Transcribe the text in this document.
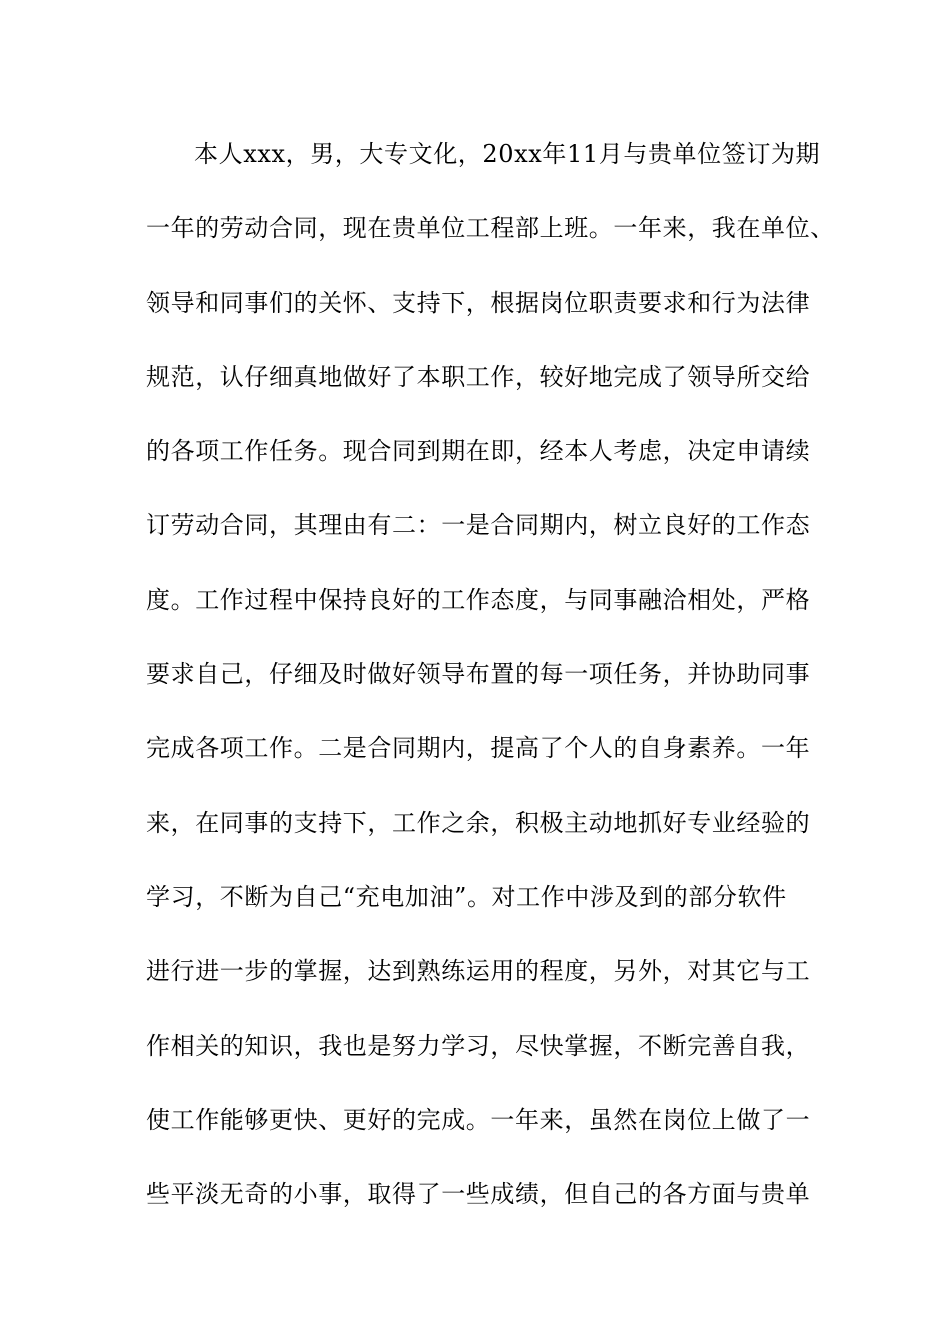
本人xxx，男，大专文化，20xx年11月与贵单位签订为期
一年的劳动合同，现在贵单位工程部上班。一年来，我在单位、
领导和同事们的关怀、支持下，根据岗位职责要求和行为法律
规范，认仔细真地做好了本职工作，较好地完成了领导所交给
的各项工作任务。现合同到期在即，经本人考虑，决定申请续
订劳动合同，其理由有二：一是合同期内，树立良好的工作态
度。工作过程中保持良好的工作态度，与同事融洽相处，严格
要求自己，仔细及时做好领导布置的每一项任务，并协助同事
完成各项工作。二是合同期内，提高了个人的自身素养。一年
来，在同事的支持下，工作之余，积极主动地抓好专业经验的
学习，不断为自己“充电加油”。对工作中涉及到的部分软件
进行进一步的掌握，达到熟练运用的程度，另外，对其它与工
作相关的知识，我也是努力学习，尽快掌握，不断完善自我，
使工作能够更快、更好的完成。一年来，虽然在岗位上做了一
些平淡无奇的小事，取得了一些成绩，但自己的各方面与贵单
